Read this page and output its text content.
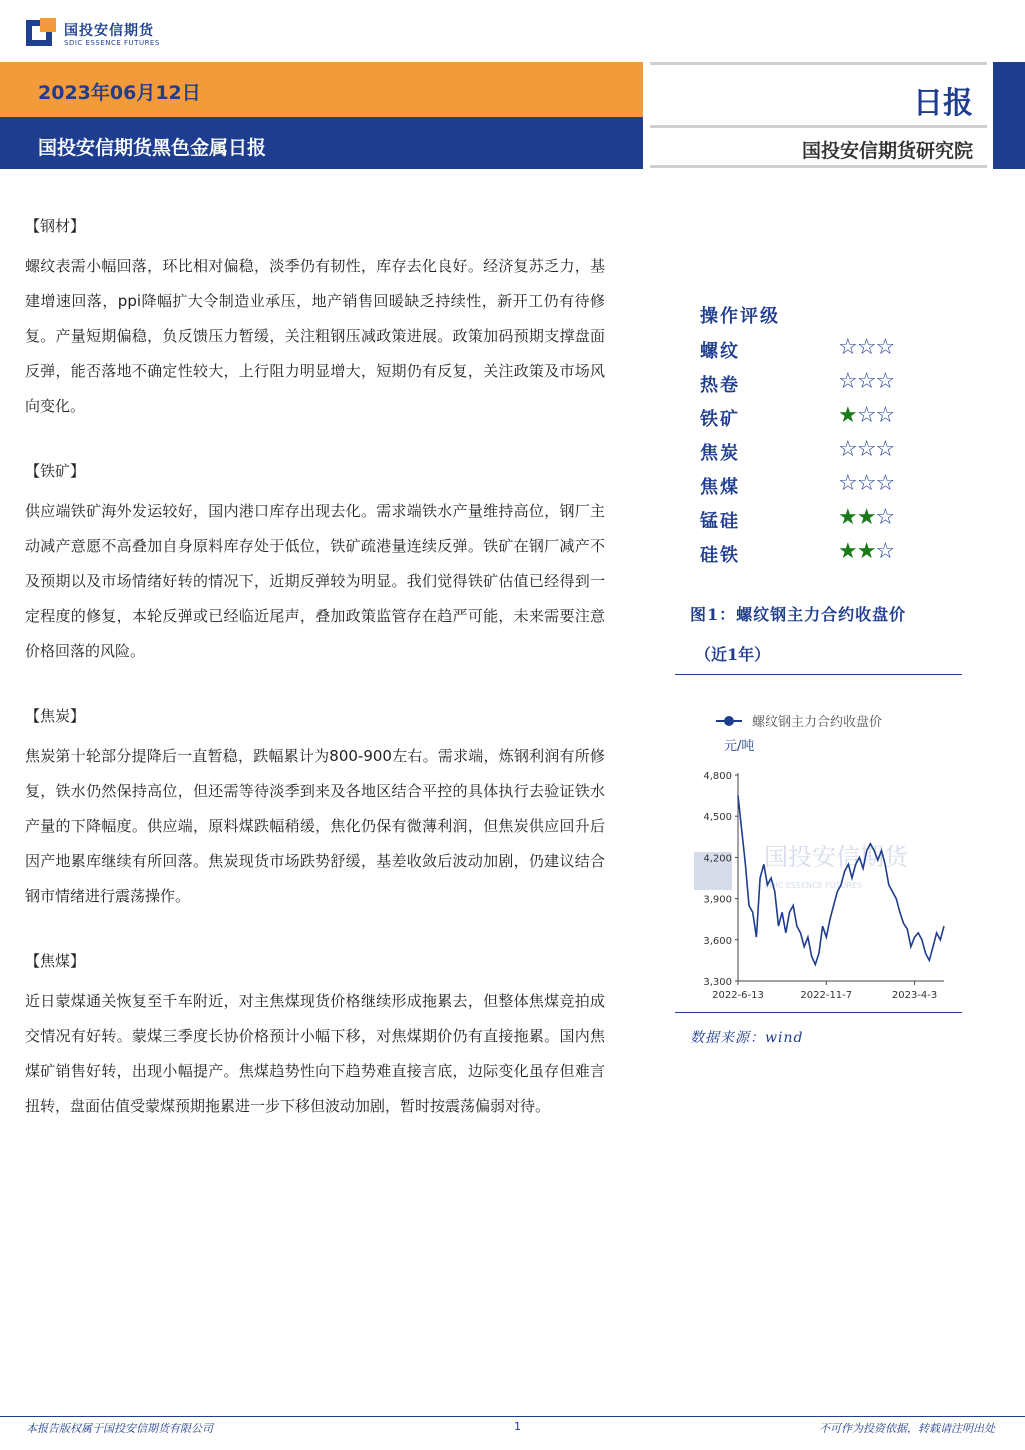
国投安信期货
SDIC ESSENCE FUTURES
2023年06月12日
国投安信期货黑色金属日报
日报
国投安信期货研究院

【钢材】

螺纹表需小幅回落，环比相对偏稳，淡季仍有韧性，库存去化良好。经济复苏乏力，基建增速回落，ppi降幅扩大令制造业承压，地产销售回暖缺乏持续性，新开工仍有待修复。产量短期偏稳，负反馈压力暂缓，关注粗钢压减政策进展。政策加码预期支撑盘面反弹，能否落地不确定性较大，上行阻力明显增大，短期仍有反复，关注政策及市场风向变化。

【铁矿】

供应端铁矿海外发运较好，国内港口库存出现去化。需求端铁水产量维持高位，钢厂主动减产意愿不高叠加自身原料库存处于低位，铁矿疏港量连续反弹。铁矿在钢厂减产不及预期以及市场情绪好转的情况下，近期反弹较为明显。我们觉得铁矿估值已经得到一定程度的修复，本轮反弹或已经临近尾声，叠加政策监管存在趋严可能，未来需要注意价格回落的风险。

【焦炭】

焦炭第十轮部分提降后一直暂稳，跌幅累计为800-900左右。需求端，炼钢利润有所修复，铁水仍然保持高位，但还需等待淡季到来及各地区结合平控的具体执行去验证铁水产量的下降幅度。供应端，原料煤跌幅稍缓，焦化仍保有微薄利润，但焦炭供应回升后因产地累库继续有所回落。焦炭现货市场跌势舒缓，基差收敛后波动加剧，仍建议结合钢市情绪进行震荡操作。

【焦煤】

近日蒙煤通关恢复至千车附近，对主焦煤现货价格继续形成拖累去，但整体焦煤竞拍成交情况有好转。蒙煤三季度长协价格预计小幅下移，对焦煤期价仍有直接拖累。国内焦煤矿销售好转，出现小幅提产。焦煤趋势性向下趋势难直接言底，边际变化虽存但难言扭转，盘面估值受蒙煤预期拖累进一步下移但波动加剧，暂时按震荡偏弱对待。

操作评级
螺纹	☆☆☆
热卷	☆☆☆
铁矿	★☆☆
焦炭	☆☆☆
焦煤	☆☆☆
锰硅	★★☆
硅铁	★★☆
图1：螺纹钢主力合约收盘价
（近1年）
国投安信期货
SDIC ESSENCE FUTURES
螺纹钢主力合约收盘价
元/吨
3,300
3,600
3,900
4,200
4,500
4,800
2022-6-13	2022-11-7	2023-4-3
数据来源：wind
本报告版权属于国投安信期货有限公司	1	不可作为投资依据，转载请注明出处
